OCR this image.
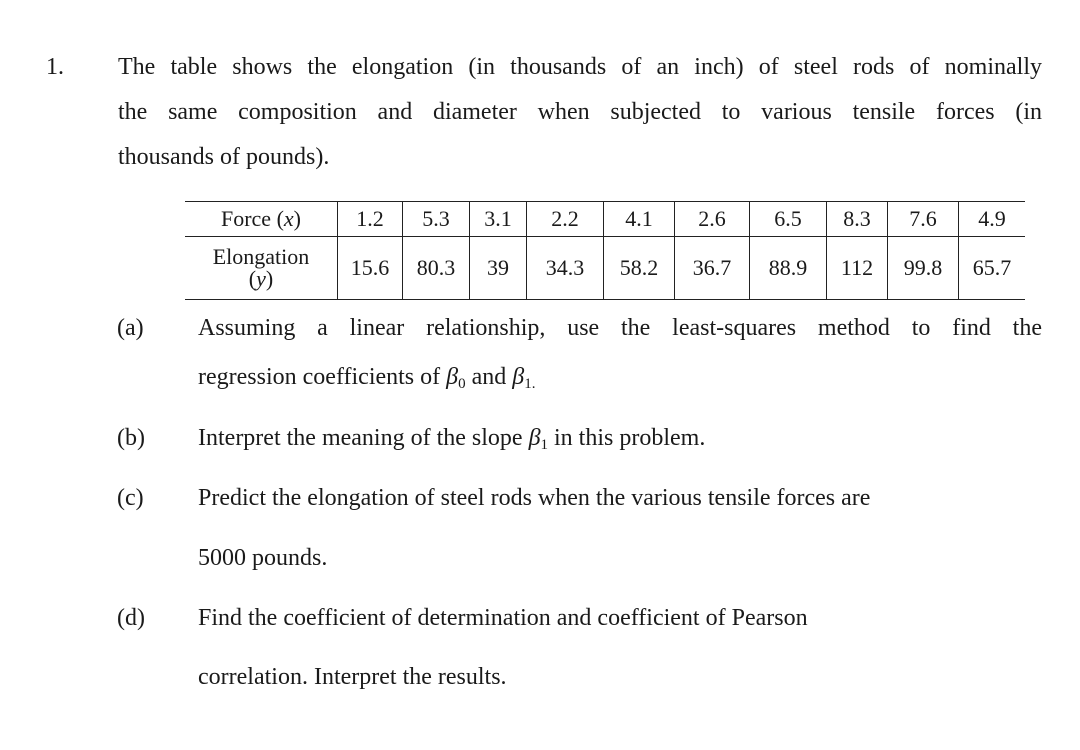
1. The table shows the elongation (in thousands of an inch) of steel rods of nominally
the same composition and diameter when subjected to various tensile forces (in
thousands of pounds).
Force (x)	1.2	5.3	3.1	2.2	4.1	2.6	6.5	8.3	7.6	4.9
Elongation
(y)	15.6	80.3	39	34.3	58.2	36.7	88.9	112	99.8	65.7
(a) Assuming a linear relationship, use the least-squares method to find the
regression coefficients of $\beta_0$ and $\beta_{1.}$
(b) Interpret the meaning of the slope $\beta_1$ in this problem.
(c) Predict the elongation of steel rods when the various tensile forces are
5000 pounds.
(d) Find the coefficient of determination and coefficient of Pearson
correlation. Interpret the results.
